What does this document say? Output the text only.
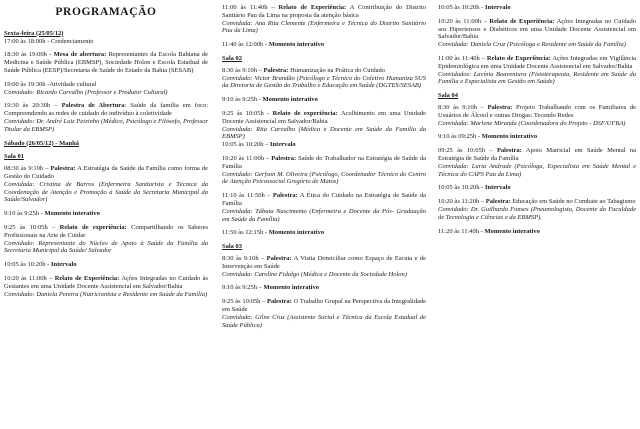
PROGRAMAÇÃO
Sexta-feira (25/05/12)

17:00 às 18:00h - Credenciamento

18:30 às 19:00h - Mesa de abertura: Representantes da Escola Bahiana de Medicina e Saúde Pública (EBMSP), Sociedade Holon e Escola Estadual de Saúde Pública (EESP)/Secretaria de Saúde do Estado da Bahia (SESAB)

19:00 às 19:30h -Atividade cultural
Convidado: Ricardo Carvalho (Professor e Produtor Cultural)

19:30 às 20:30h – Palestra de Abertura: Saúde da família em foco: Compreendendo as redes de cuidado do indivíduo à coletividade
Convidado: Dr. André Luiz Peixinho (Médico, Psicólogo e Filósofo, Professor Titular da EBMSP)

Sábado (26/05/12) - Manhã
Sala 01

08:30 às 9:10h – Palestra: A Estratégia da Saúde da Família como forma de Gestão do Cuidado
Convidada: Cristina de Barros (Enfermeira Sanitarista e Técnica da Coordenação de Atenção e Promoção à Saúde da Secretaria Municipal da Saúde/Salvador)

9:10 às 9:25h - Momento interativo

9:25 às 10:05h – Relato de experiência: Compartilhando os Saberes Profissionais na Arte de Cuidar
Convidado: Representante do Núcleo de Apoio à Saúde da Família da Secretaria Municipal da Saúde/ Salvador

10:05 às 10:20h - Intervalo

10:20 às 11:00h – Relato de Experiência: Ações Integradas no Cuidado às Gestantes em uma Unidade Docente Assistencial em Salvador/Bahia
Convidado: Daniela Pereira (Nutricionista e Residente em Saúde da Família)

11:00 às 11:40h – Relato de Experiência: A Contribuição do Distrito Sanitário Pau da Lima na proposta da atenção básica
Convidada: Ana Rita Clemente (Enfermeira e Técnica do Distrito Sanitário Pau da Lima)

11:40 às 12:00h - Momento interativo

Sala 02

8:30 às 9:10h – Palestra: Humanização na Prática do Cuidado
Convidado: Victor Brandão (Psicólogo e Técnico do Coletivo Humaniza SUS da Diretoria de Gestão do Trabalho e Educação em Saúde (DGTES/SESAB)

9:10 às 9:25h - Momento interativo

9:25 às 10:05h - Relato de experiência: Acolhimento em uma Unidade Docente Assistencial em Salvador/Bahia
Convidada: Rita Carvalho (Médica e Docente em Saúde da Família da EBMSP)
10:05 às 10:20h – Intervalo

10:20 às 11:00h – Palestra: Saúde do Trabalhador na Estratégia de Saúde da Família
Convidado: Gerfson M. Oliveira (Psicólogo, Coordenador Técnico do Centro de Atenção Psicossocial Gregório de Matos)

11:10 às 11:50h – Palestra: A Ética do Cuidado na Estratégia de Saúde da Família
Convidada: Tábata Nascimento (Enfermeira e Docente da Pós- Graduação em Saúde da Família)

11:50 às 12:15h - Momento interativo

Sala 03

8:30 às 9:10h – Palestra: A Visita Domiciliar como Espaço de Escuta e de Intervenção em Saúde
Convidada: Caroline Fidalgo (Médica e Docente da Sociedade Holon)

9:10 às 9:25h – Momento interativo

9:25 às 10:05h – Palestra: O Trabalho Grupal na Perspectiva da Integralidade em Saúde
Convidado: Gilne Cruz (Assistente Social e Técnica da Escola Estadual de Saúde Pública)

10:05 às 10:20h - Intervalo

10:20 às 11:00h – Relato de Experiência: Ações Integradas no Cuidado aos Hipertensos e Diabéticos em uma Unidade Docente Assistencial em Salvador/Bahia
Convidada: Daniela Cruz (Psicóloga e Residente em Saúde da Família)

11:00 às 11:40h – Relato de Experiência: Ações Integradas em Vigilância Epidemiológica em uma Unidade Docente Assistencial em Salvador/Bahia
Convidados: Lavínia Boaventura (Fisioterapeuta, Residente em Saúde da Família e Especialista em Gestão em Saúde)

Sala 04

8:30 às 9:10h – Palestra: Projeto Trabalhando com os Familiares de Usuários de Álcool e outras Drogas: Tecendo Redes
Convidada: Marlene Miranda (Coordenadora do Projeto - DSF/UFBA)

9:10 às 09:25h - Momento interativo

09:25 às 10:05h – Palestra: Apoio Matricial em Saúde Mental na Estratégia de Saúde da Família
Convidada: Luria Andrade (Psicóloga, Especialista em Saúde Mental e Técnica do CAPS Pau da Lima)

10:05 às 10:20h - Intervalo

10:20 às 11:20h – Palestra: Educação em Saúde no Combate ao Tabagismo
Convidado: Dr. Guilhardo Fonses (Pneumologista, Docente da Faculdade de Tecnologia e Ciências e da EBMSP).

11:20 às 11:40h - Momento interativo
